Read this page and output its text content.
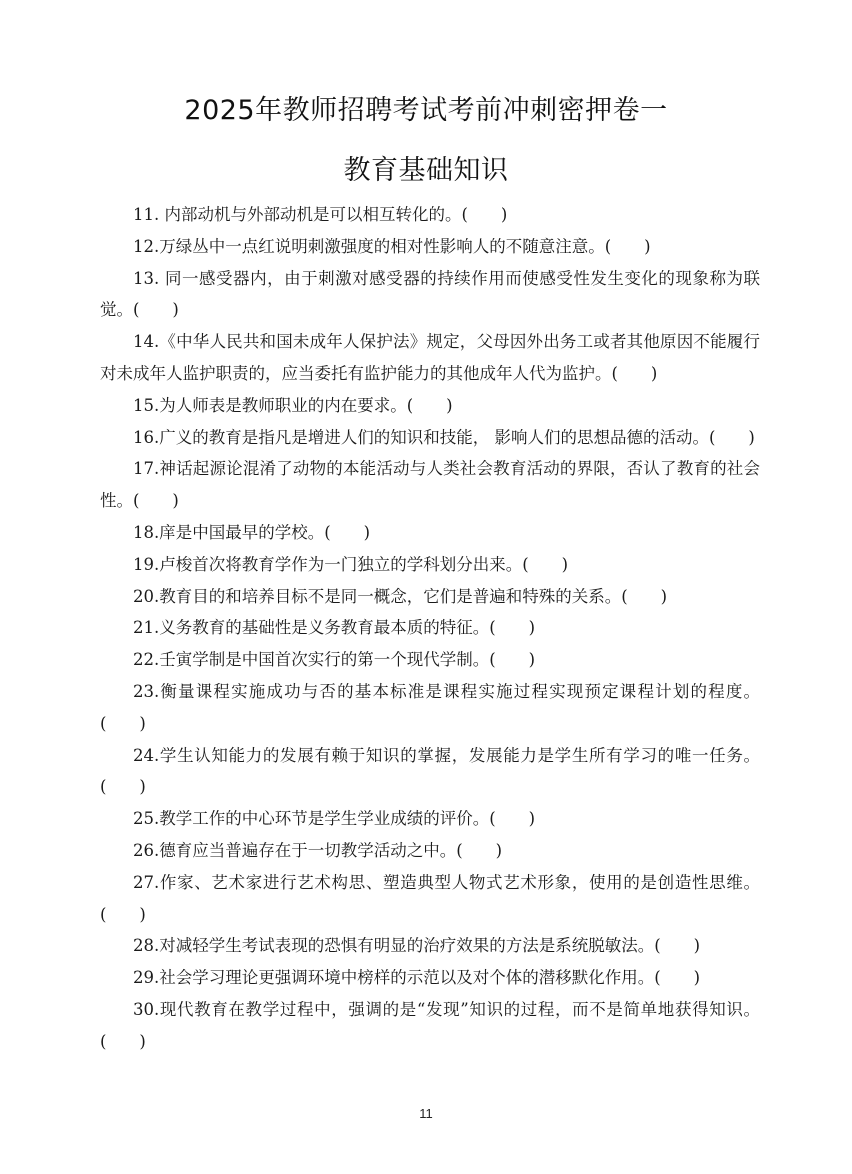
2025年教师招聘考试考前冲刺密押卷一
教育基础知识
11. 内部动机与外部动机是可以相互转化的。(　　)
12.万绿丛中一点红说明刺激强度的相对性影响人的不随意注意。(　　)
13. 同一感受器内，由于刺激对感受器的持续作用而使感受性发生变化的现象称为联觉。(　　)
14.《中华人民共和国未成年人保护法》规定，父母因外出务工或者其他原因不能履行对未成年人监护职责的，应当委托有监护能力的其他成年人代为监护。(　　)
15.为人师表是教师职业的内在要求。(　　)
16.广义的教育是指凡是增进人们的知识和技能， 影响人们的思想品德的活动。(　　)
17.神话起源论混淆了动物的本能活动与人类社会教育活动的界限，否认了教育的社会性。(　　)
18.庠是中国最早的学校。(　　)
19.卢梭首次将教育学作为一门独立的学科划分出来。(　　)
20.教育目的和培养目标不是同一概念，它们是普遍和特殊的关系。(　　)
21.义务教育的基础性是义务教育最本质的特征。(　　)
22.壬寅学制是中国首次实行的第一个现代学制。(　　)
23.衡量课程实施成功与否的基本标准是课程实施过程实现预定课程计划的程度。(　　)
24.学生认知能力的发展有赖于知识的掌握，发展能力是学生所有学习的唯一任务。(　　)
25.教学工作的中心环节是学生学业成绩的评价。(　　)
26.德育应当普遍存在于一切教学活动之中。(　　)
27.作家、艺术家进行艺术构思、塑造典型人物式艺术形象，使用的是创造性思维。(　　)
28.对减轻学生考试表现的恐惧有明显的治疗效果的方法是系统脱敏法。(　　)
29.社会学习理论更强调环境中榜样的示范以及对个体的潜移默化作用。(　　)
30.现代教育在教学过程中，强调的是“发现”知识的过程，而不是简单地获得知识。(　　)
11
